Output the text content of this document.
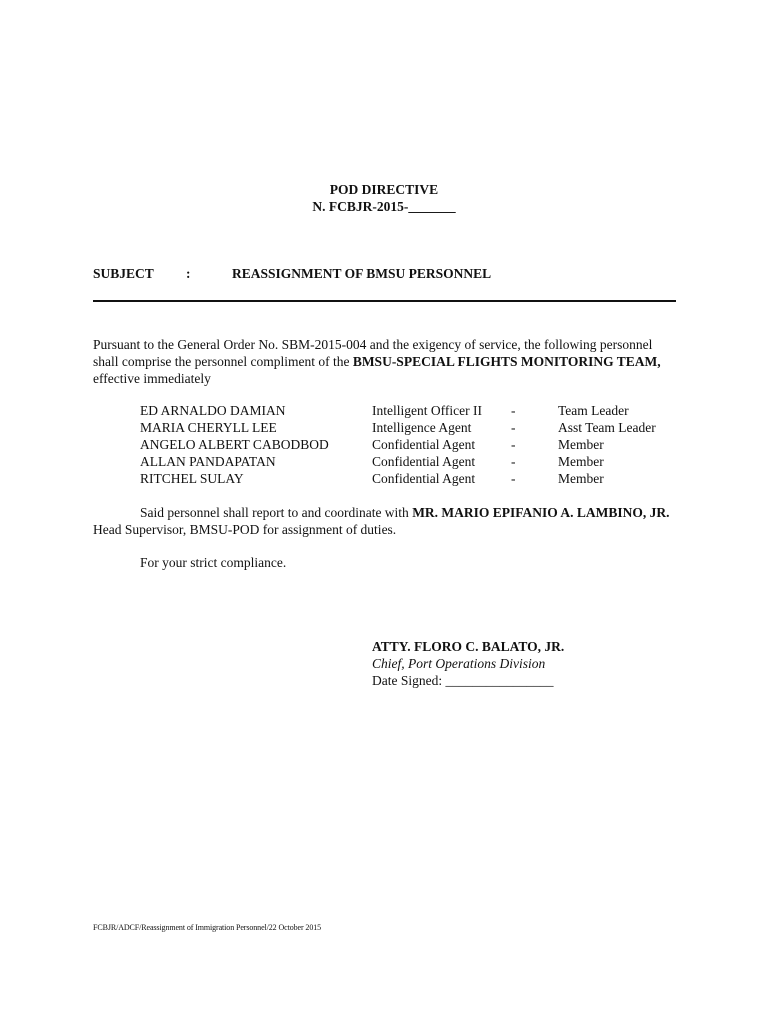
POD DIRECTIVE
N. FCBJR-2015-_______
SUBJECT :	REASSIGNMENT OF BMSU PERSONNEL
Pursuant to the General Order No. SBM-2015-004 and the exigency of service, the following personnel shall comprise the personnel compliment of the BMSU-SPECIAL FLIGHTS MONITORING TEAM, effective immediately
ED ARNALDO DAMIAN	Intelligent Officer II -	Team Leader
MARIA CHERYLL LEE	Intelligence Agent	-	Asst Team Leader
ANGELO ALBERT CABODBOD	Confidential Agent	-	Member
ALLAN PANDAPATAN	Confidential Agent	-	Member
RITCHEL SULAY	Confidential Agent	-	Member
Said personnel shall report to and coordinate with MR. MARIO EPIFANIO A. LAMBINO, JR. Head Supervisor, BMSU-POD for assignment of duties.
For your strict compliance.
ATTY. FLORO C. BALATO, JR.
Chief, Port Operations Division
Date Signed: ________________
FCBJR/ADCF/Reassignment of Immigration Personnel/22 October 2015
